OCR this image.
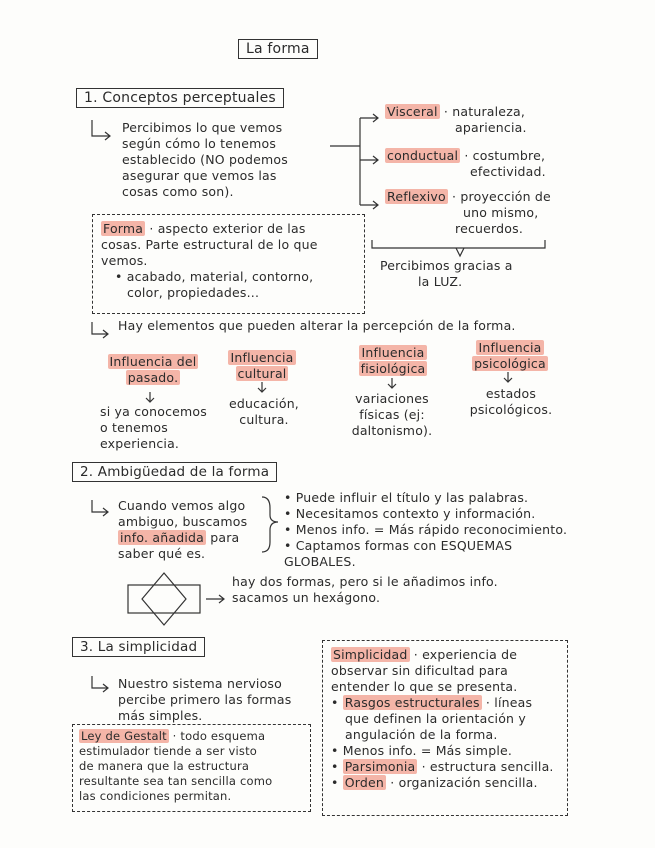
La forma
1. Conceptos perceptuales
Percibimos lo que vemos
según cómo lo tenemos
establecido (NO podemos
asegurar que vemos las
cosas como son).
Visceral · naturaleza,
apariencia.
conductual · costumbre,
efectividad.
Reflexivo · proyección de
uno mismo,
recuerdos.
Percibimos gracias a
la LUZ.
Forma · aspecto exterior de las
cosas. Parte estructural de lo que
vemos.
• acabado, material, contorno,
color, propiedades...
Hay elementos que pueden alterar la percepción de la forma.
Influencia del
pasado.
si ya conocemos
o tenemos
experiencia.
Influencia
cultural
educación,
cultura.
Influencia
fisiológica
variaciones
físicas (ej:
daltonismo).
Influencia
psicológica
estados
psicológicos.
2. Ambigüedad de la forma
Cuando vemos algo
ambiguo, buscamos
info. añadida para
saber qué es.
• Puede influir el título y las palabras.
• Necesitamos contexto y información.
• Menos info. = Más rápido reconocimiento.
• Captamos formas con ESQUEMAS GLOBALES.
hay dos formas, pero si le añadimos info.
sacamos un hexágono.
3. La simplicidad
Nuestro sistema nervioso
percibe primero las formas
más simples.
Ley de Gestalt · todo esquema
estimulador tiende a ser visto
de manera que la estructura
resultante sea tan sencilla como
las condiciones permitan.
Simplicidad · experiencia de
observar sin dificultad para
entender lo que se presenta.
• Rasgos estructurales · líneas
que definen la orientación y
angulación de la forma.
• Menos info. = Más simple.
• Parsimonia · estructura sencilla.
• Orden · organización sencilla.
